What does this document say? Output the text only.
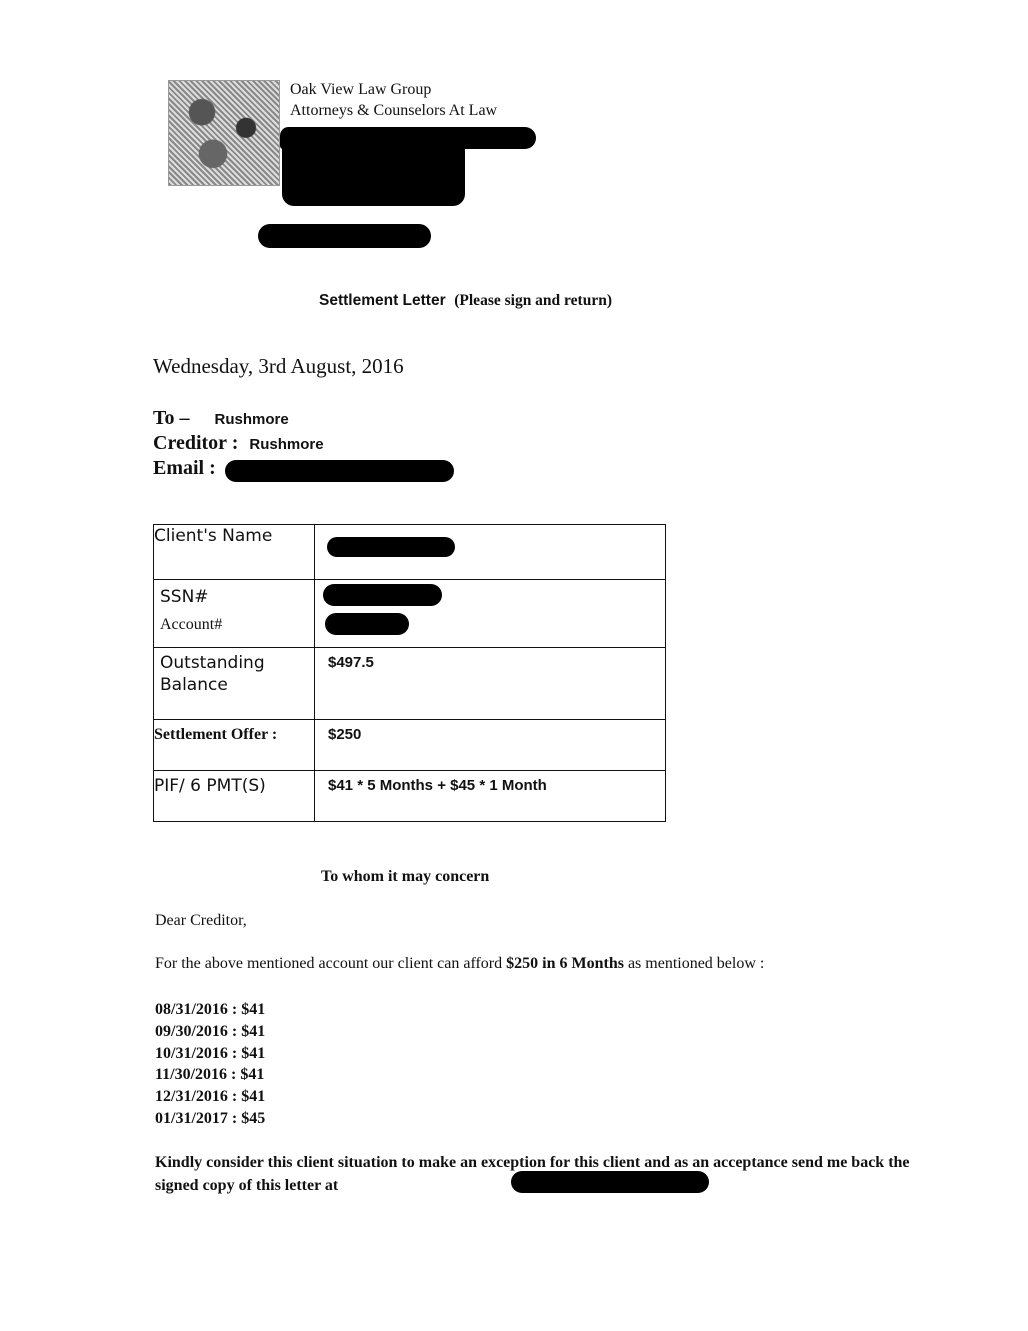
Oak View Law Group
Attorneys & Counselors At Law
Settlement Letter (Please sign and return)
Wednesday, 3rd August, 2016
To – Rushmore
Creditor : Rushmore
Email :
Client's Name	

SSN#
Account#	

Outstanding
Balance	$497.5
Settlement Offer :	$250
PIF/ 6 PMT(S)	$41 * 5 Months + $45 * 1 Month
To whom it may concern
Dear Creditor,
For the above mentioned account our client can afford $250 in 6 Months as mentioned below :
08/31/2016 : $41
09/30/2016 : $41
10/31/2016 : $41
11/30/2016 : $41
12/31/2016 : $41
01/31/2017 : $45
Kindly consider this client situation to make an exception for this client and as an acceptance send me back the signed copy of this letter at
